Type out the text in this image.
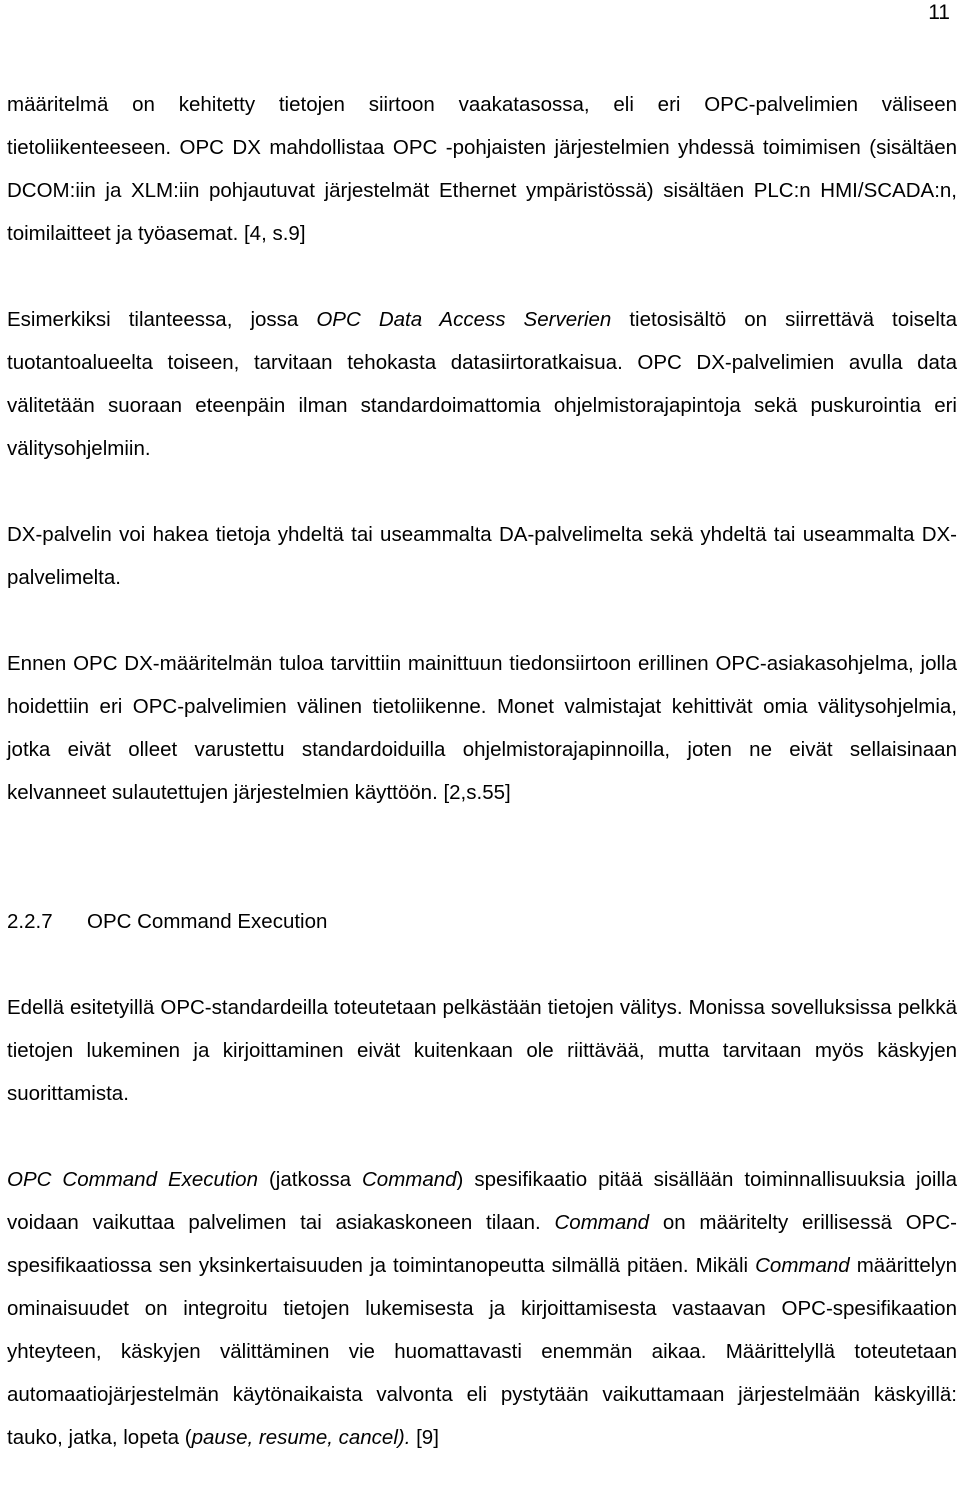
11

määritelmä on kehitetty tietojen siirtoon vaakatasossa, eli eri OPC-palvelimien väliseen tietoliikenteeseen. OPC DX mahdollistaa OPC -pohjaisten järjestelmien yhdessä toimimisen (sisältäen DCOM:iin ja XLM:iin pohjautuvat järjestelmät Ethernet ympäristössä) sisältäen PLC:n HMI/SCADA:n, toimilaitteet ja työasemat. [4, s.9]

Esimerkiksi tilanteessa, jossa OPC Data Access Serverien tietosisältö on siirrettävä toiselta tuotantoalueelta toiseen, tarvitaan tehokasta datasiirtoratkaisua. OPC DX-palvelimien avulla data välitetään suoraan eteenpäin ilman standardoimattomia ohjelmistorajapintoja sekä puskurointia eri välitysohjelmiin.

DX-palvelin voi hakea tietoja yhdeltä tai useammalta DA-palvelimelta sekä yhdeltä tai useammalta DX-palvelimelta.

Ennen OPC DX-määritelmän tuloa tarvittiin mainittuun tiedonsiirtoon erillinen OPC-asiakasohjelma, jolla hoidettiin eri OPC-palvelimien välinen tietoliikenne. Monet valmistajat kehittivät omia välitysohjelmia, jotka eivät olleet varustettu standardoiduilla ohjelmistorajapinnoilla, joten ne eivät sellaisinaan kelvanneet sulautettujen järjestelmien käyttöön. [2,s.55]

2.2.7	OPC Command Execution

Edellä esitetyillä OPC-standardeilla toteutetaan pelkästään tietojen välitys. Monissa sovelluksissa pelkkä tietojen lukeminen ja kirjoittaminen eivät kuitenkaan ole riittävää, mutta tarvitaan myös käskyjen suorittamista.

OPC Command Execution (jatkossa Command) spesifikaatio pitää sisällään toiminnallisuuksia joilla voidaan vaikuttaa palvelimen tai asiakaskoneen tilaan. Command on määritelty erillisessä OPC-spesifikaatiossa sen yksinkertaisuuden ja toimintanopeutta silmällä pitäen. Mikäli Command määrittelyn ominaisuudet on integroitu tietojen lukemisesta ja kirjoittamisesta vastaavan OPC-spesifikaation yhteyteen, käskyjen välittäminen vie huomattavasti enemmän aikaa. Määrittelyllä toteutetaan automaatiojärjestelmän käytönaikaista valvonta eli pystytään vaikuttamaan järjestelmään käskyillä: tauko, jatka, lopeta (pause, resume, cancel). [9]
